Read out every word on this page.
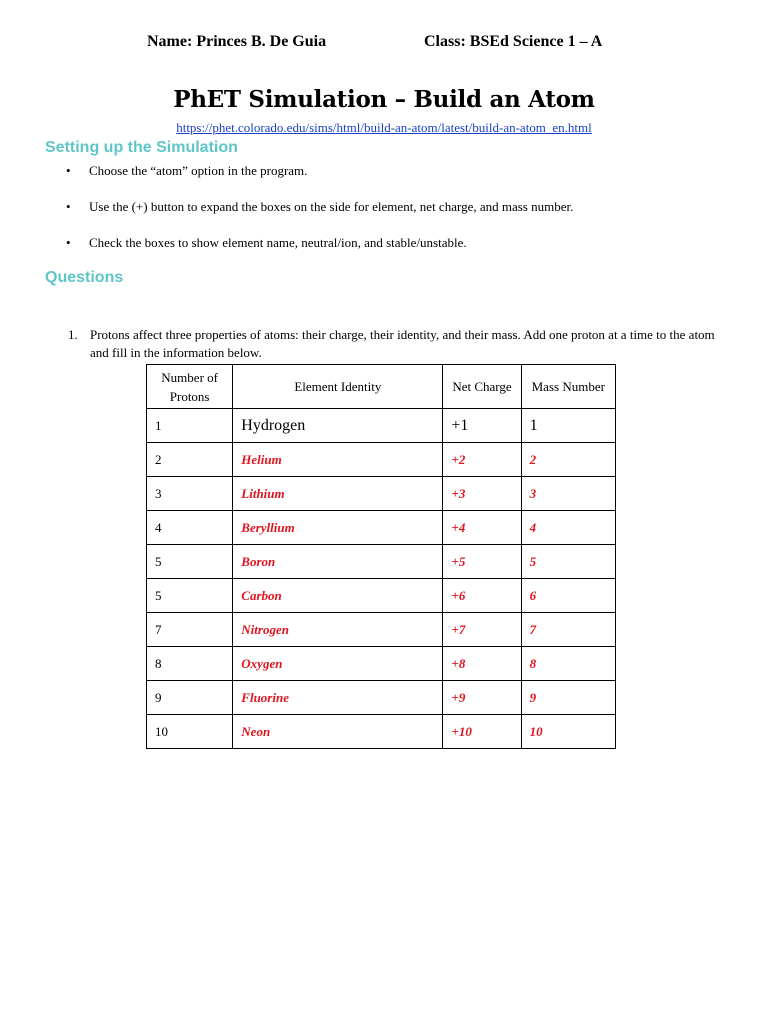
Name: Princes B. De Guia	Class: BSEd Science 1 – A
PhET Simulation – Build an Atom
https://phet.colorado.edu/sims/html/build-an-atom/latest/build-an-atom_en.html
Setting up the Simulation
• Choose the “atom” option in the program.
• Use the (+) button to expand the boxes on the side for element, net charge, and mass number.
• Check the boxes to show element name, neutral/ion, and stable/unstable.
Questions
1. Protons affect three properties of atoms: their charge, their identity, and their mass. Add one proton at a time to the atom and fill in the information below.
Number of Protons	Element Identity	Net Charge	Mass Number
1	Hydrogen	+1	1
2	Helium	+2	2
3	Lithium	+3	3
4	Beryllium	+4	4
5	Boron	+5	5
5	Carbon	+6	6
7	Nitrogen	+7	7
8	Oxygen	+8	8
9	Fluorine	+9	9
10	Neon	+10	10
